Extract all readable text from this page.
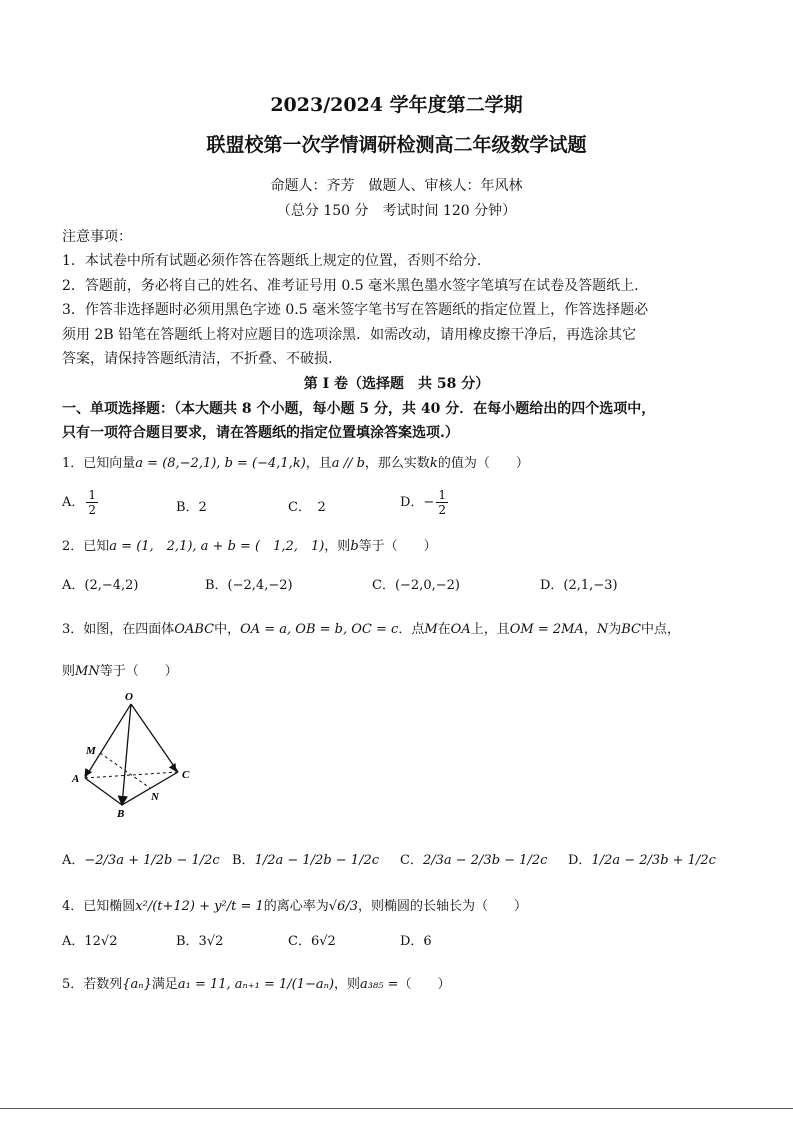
2023/2024 学年度第二学期
联盟校第一次学情调研检测高二年级数学试题
命题人：齐芳　做题人、审核人：年风林
（总分 150 分　考试时间 120 分钟）
注意事项：
1．本试卷中所有试题必须作答在答题纸上规定的位置，否则不给分.
2．答题前，务必将自己的姓名、准考证号用 0.5 毫米黑色墨水签字笔填写在试卷及答题纸上.
3．作答非选择题时必须用黑色字迹 0.5 毫米签字笔书写在答题纸的指定位置上，作答选择题必
须用 2B 铅笔在答题纸上将对应题目的选项涂黑．如需改动，请用橡皮擦干净后，再选涂其它
答案，请保持答题纸清洁，不折叠、不破损.
第 I 卷（选择题　共 58 分）
一、单项选择题：（本大题共 8 个小题，每小题 5 分，共 40 分．在每小题给出的四个选项中，
只有一项符合题目要求，请在答题纸的指定位置填涂答案选项.）
1．已知向量a = (8,−2,1), b = (−4,1,k)，且a // b，那么实数k的值为（　　）
A． $\frac{1}{2}$	B．2	C．　2	D．− $\frac{1}{2}$
2．已知a = (1,　2,1), a + b = (　1,2,　1)，则b等于（　　）
A．(2,−4,2)	B．(−2,4,−2)	C．(−2,0,−2)	D．(2,1,−3)
3．如图，在四面体OABC中，OA = a, OB = b, OC = c．点M在OA上，且OM = 2MA，N为BC中点，
则MN等于（　　）
O
M
A
B
C
N
A．−2/3a + 1/2b − 1/2c B．1/2a − 1/2b − 1/2c C．2/3a − 2/3b − 1/2c D．1/2a − 2/3b + 1/2c
4．已知椭圆x²/(t+12) + y²/t = 1的离心率为√6/3，则椭圆的长轴长为（　　）
A．12√2	B．3√2	C．6√2	D．6
5．若数列{aₙ}满足a₁ = 11, aₙ₊₁ = 1/(1−aₙ)，则a₃₈₅ =（　　）
